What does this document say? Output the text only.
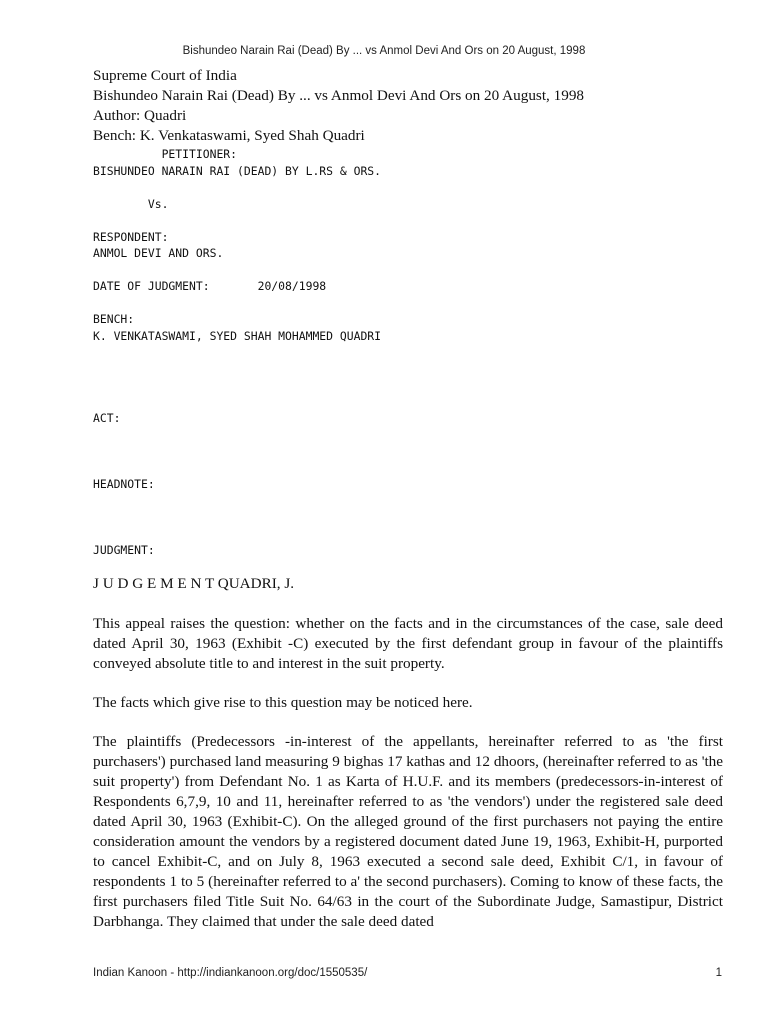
Bishundeo Narain Rai (Dead) By ... vs Anmol Devi And Ors on 20 August, 1998

Supreme Court of India

Bishundeo Narain Rai (Dead) By ... vs Anmol Devi And Ors on 20 August, 1998

Author: Quadri

Bench: K. Venkataswami, Syed Shah Quadri

PETITIONER:

BISHUNDEO NARAIN RAI (DEAD) BY L.RS & ORS.

Vs.

RESPONDENT:

ANMOL DEVI AND ORS.

DATE OF JUDGMENT:       20/08/1998

BENCH:

K. VENKATASWAMI, SYED SHAH MOHAMMED QUADRI

ACT:

HEADNOTE:

JUDGMENT:

J U D G E M E N T QUADRI, J.

This appeal raises the question: whether on the facts and in the circumstances of the case, sale deed dated April 30, 1963 (Exhibit -C) executed by the first defendant group in favour of the plaintiffs conveyed absolute title to and interest in the suit property.

The facts which give rise to this question may be noticed here.

The plaintiffs (Predecessors -in-interest of the appellants, hereinafter referred to as 'the first purchasers') purchased land measuring 9 bighas 17 kathas and 12 dhoors, (hereinafter referred to as 'the suit property') from Defendant No. 1 as Karta of H.U.F. and its members (predecessors-in-interest of Respondents 6,7,9, 10 and 11, hereinafter referred to as 'the vendors') under the registered sale deed dated April 30, 1963 (Exhibit-C). On the alleged ground of the first purchasers not paying the entire consideration amount the vendors by a registered document dated June 19, 1963, Exhibit-H, purported to cancel Exhibit-C, and on July 8, 1963 executed a second sale deed, Exhibit C/1, in favour of respondents 1 to 5 (hereinafter referred to a' the second purchasers). Coming to know of these facts, the first purchasers filed Title Suit No. 64/63 in the court of the Subordinate Judge, Samastipur, District Darbhanga. They claimed that under the sale deed dated

Indian Kanoon - http://indiankanoon.org/doc/1550535/	1
